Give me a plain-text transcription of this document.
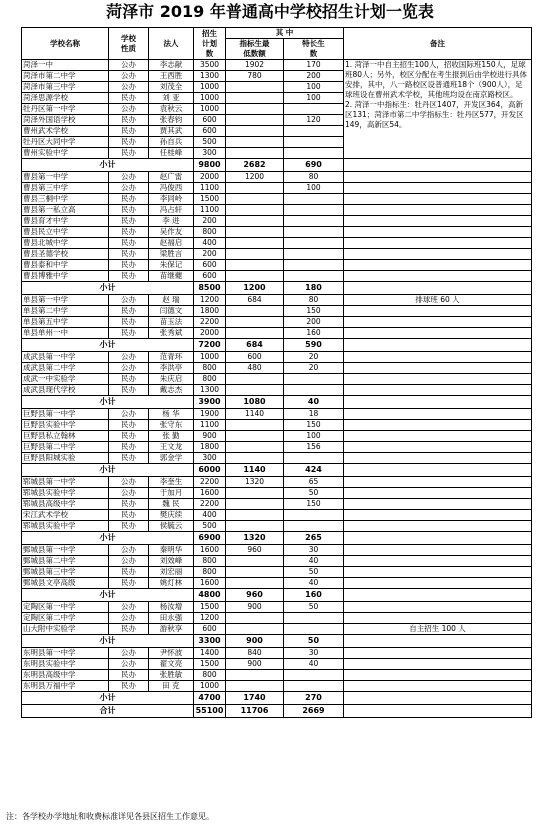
菏泽市 2019 年普通高中学校招生计划一览表
学校名称	学校
性质	法人	招生
计划
数	其 中		备注
				指标生最
低数额	特长生
数	

菏泽一中	公办	李志献	3500	1902	170	1. 菏泽一中自主招生100人，招收国际班150人，足球班80人；另外，校区分配在考生报到后由学校进行具体安排，其中，八一路校区设普通班18个（900人），足球班设在曹州武术学校，其他班均设在南京路校区。
2. 菏泽一中指标生：牡丹区1407，开发区364，高新区131；菏泽市第二中学指标生：牡丹区577，开发区149，高新区54。
菏泽市第二中学	公办	王西胜	1300	780	200	
菏泽市第三中学	公办	刘茂全	1000		100	
菏泽思源学校	民办	刘 亚	1000		100	
牡丹区第一中学	公办	袁秋云	1000			
菏泽外国语学校	民办	张春钧	600		120	
曹州武术学校	民办	贾其武	600			
牡丹区大同中学	民办	孙自兵	500			
曹州实验中学	民办	任桂峰	300			
小计			9800	2682	690	
曹县第一中学	公办	赵广雷	2000	1200	80	
曹县第三中学	公办	冯俊西	1100		100	
曹县三桐中学	民办	李同岭	1500			
曹县第一私立高	民办	冯占轩	1100			
曹县育才中学	民办	李 进	200			
曹县民立中学	民办	吴作友	800			
曹县北城中学	民办	赵福启	400			
曹县圣德学校	民办	梁胜言	200			
曹县泰和中学	民办	朱保记	600			
曹县博雅中学	民办	苗继夔	600			
小计			8500	1200	180	
单县第一中学	公办	赵 瑞	1200	684	80	排球班 60 人
单县第二中学	民办	闫德文	1800		150	
单县第五中学	民办	苗玉法	2200		200	
单县单州一中	民办	张秀斌	2000		160	
小计			7200	684	590	
成武县第一中学	公办	范青环	1000	600	20	
成武县第二中学	公办	李洪亭	800	480	20	
成武一中实验学	民办	朱庆启	800			
成武县现代学校	民办	戴志杰	1300			
小计			3900	1080	40	
巨野县第一中学	公办	杨 华	1900	1140	18	
巨野县实验中学	民办	张守东	1100		150	
巨野县私立翰林	民办	张 勤	900		100	
巨野县第二中学	民办	王文龙	1800		156	
巨野县阳城实验	民办	郭金学	300			
小计			6000	1140	424	
郓城县第一中学	公办	李奎生	2200	1320	65	
郓城县实验中学	公办	于加月	1600		50	
郓城县高级中学	民办	魏 民	2200		150	
宋江武术学校	民办	樊庆续	400			
郓城县实验中学	民办	侯毓云	500			
小计			6900	1320	265	
鄄城县第一中学	公办	秦明华	1600	960	30	
鄄城县第二中学	公办	刘效峰	800		40	
鄄城县第三中学	民办	刘宏丽	800		50	
鄄城县文亭高级	民办	姚灯林	1600		40	
小计			4800	960	160	
定陶区第一中学	公办	杨汝增	1500	900	50	
定陶区第二中学	公办	田永强	1200			
山大附中实验学	民办	游秋享	600			自主招生 100 人
小计			3300	900	50	
东明县第一中学	公办	尹怀波	1400	840	30	
东明县实验中学	公办	翟文亮	1500	900	40	
东明县高级中学	民办	张胜敏	800			
东明县万福中学	民办	田 克	1000			
小计			4700	1740	270	
合计			55100	11706	2669	
注：各学校办学地址和收费标准详见各县区招生工作意见。
